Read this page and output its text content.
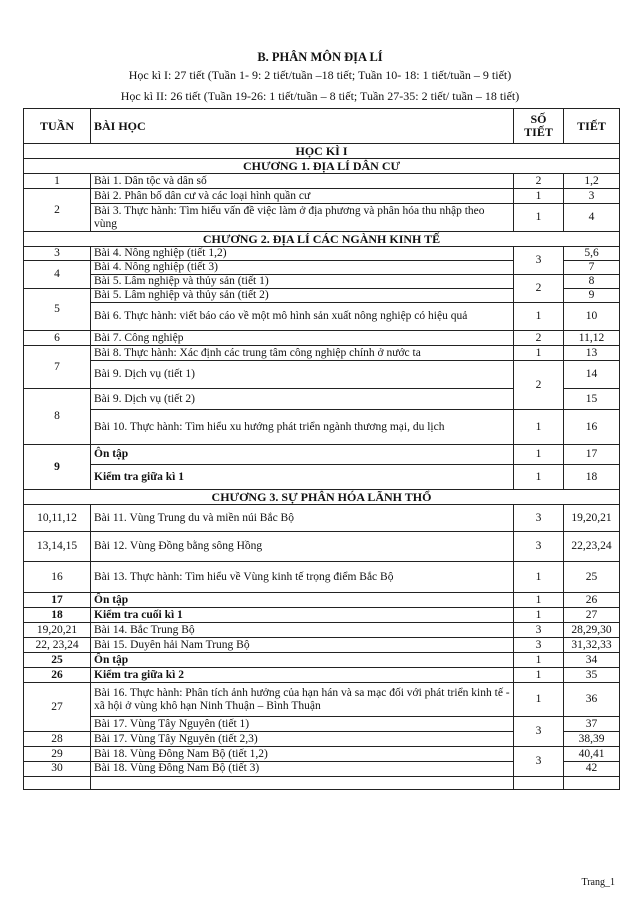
B. PHÂN MÔN ĐỊA LÍ
Học kì I: 27 tiết (Tuần 1- 9: 2 tiết/tuần –18 tiết; Tuần 10- 18: 1 tiết/tuần – 9 tiết)
Học kì II: 26 tiết (Tuần 19-26: 1 tiết/tuần – 8 tiết; Tuần 27-35: 2 tiết/ tuần – 18 tiết)
TUẦN	BÀI HỌC	SỐ TIẾT	TIẾT
HỌC KÌ I			
CHƯƠNG 1. ĐỊA LÍ DÂN CƯ			
1	Bài 1. Dân tộc và dân số	2	1,2
2	Bài 2. Phân bố dân cư và các loại hình quần cư	1	3
	Bài 3. Thực hành: Tìm hiểu vấn đề việc làm ở địa phương và phân hóa thu nhập theo vùng	1	4
CHƯƠNG 2. ĐỊA LÍ CÁC NGÀNH KINH TẾ			
3	Bài 4. Nông nghiệp (tiết 1,2)	3	5,6
4	Bài 4. Nông nghiệp (tiết 3)		7
	Bài 5. Lâm nghiệp và thủy sản (tiết 1)	2	8
5	Bài 5. Lâm nghiệp và thủy sản (tiết 2)		9
	Bài 6. Thực hành: viết báo cáo về một mô hình sản xuất nông nghiệp có hiệu quả	1	10
6	Bài 7. Công nghiệp	2	11,12
7	Bài 8. Thực hành: Xác định các trung tâm công nghiệp chính ở nước ta	1	13
	Bài 9. Dịch vụ (tiết 1)	2	14
8	Bài 9. Dịch vụ (tiết 2)		15
	Bài 10. Thực hành: Tìm hiểu xu hướng phát triển ngành thương mại, du lịch	1	16
9	Ôn tập	1	17
	Kiểm tra giữa kì 1	1	18
CHƯƠNG 3. SỰ PHÂN HÓA LÃNH THỔ			
10,11,12	Bài 11. Vùng Trung du và miền núi Bắc Bộ	3	19,20,21
13,14,15	Bài 12. Vùng Đồng bằng sông Hồng	3	22,23,24
16	Bài 13. Thực hành: Tìm hiểu về Vùng kinh tế trọng điểm Bắc Bộ	1	25
17	Ôn tập	1	26
18	Kiểm tra cuối kì 1	1	27
19,20,21	Bài 14. Bắc Trung Bộ	3	28,29,30
22, 23,24	Bài 15. Duyên hải Nam Trung Bộ	3	31,32,33
25	Ôn tập	1	34
26	Kiểm tra giữa kì 2	1	35
27	Bài 16. Thực hành: Phân tích ảnh hưởng của hạn hán và sa mạc đối với phát triển kinh tế - xã hội ở vùng khô hạn Ninh Thuận – Bình Thuận	1	36
	Bài 17. Vùng Tây Nguyên (tiết 1)	3	37
28	Bài 17. Vùng Tây Nguyên (tiết 2,3)		38,39
29	Bài 18. Vùng Đông Nam Bộ (tiết 1,2)	3	40,41
30	Bài 18. Vùng Đông Nam Bộ (tiết 3)		42

Trang_1
